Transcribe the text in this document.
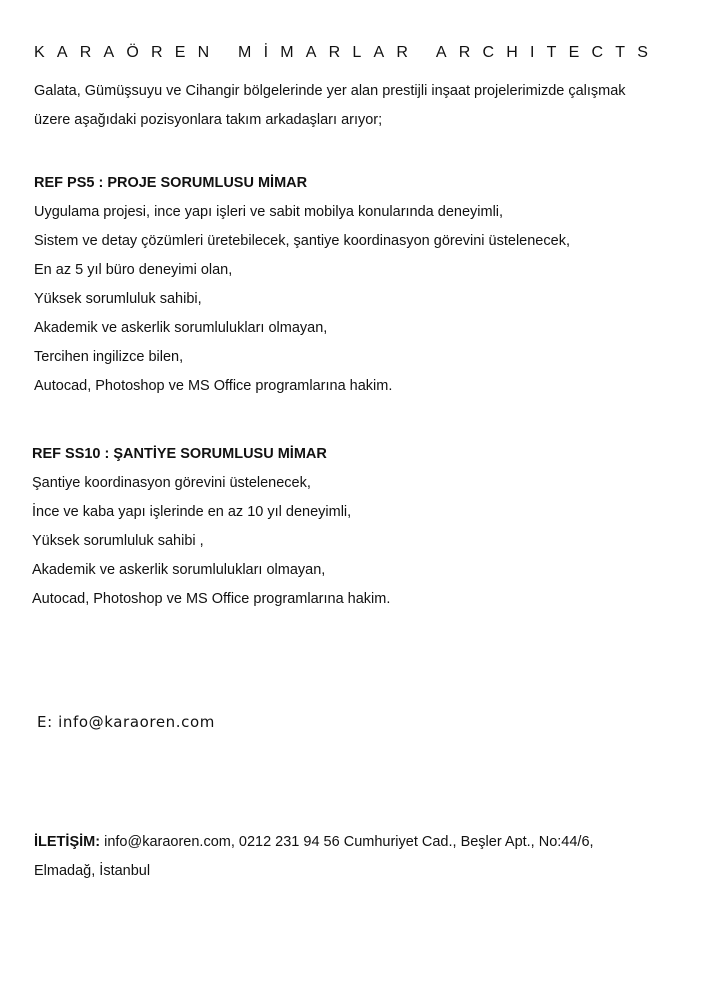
KARAÖREN MİMARLAR ARCHITECTS
Galata, Gümüşsuyu ve Cihangir bölgelerinde yer alan prestijli inşaat projelerimizde çalışmak
üzere aşağıdaki pozisyonlara takım arkadaşları arıyor;
REF PS5 : PROJE SORUMLUSU MİMAR
Uygulama projesi, ince yapı işleri ve sabit mobilya konularında deneyimli,
Sistem ve detay çözümleri üretebilecek, şantiye koordinasyon görevini üstelenecek,
En az 5 yıl büro deneyimi olan,
Yüksek sorumluluk sahibi,
Akademik ve askerlik sorumlulukları olmayan,
Tercihen ingilizce bilen,
Autocad, Photoshop ve MS Office programlarına hakim.
REF SS10 : ŞANTİYE SORUMLUSU MİMAR
Şantiye koordinasyon görevini üstelenecek,
İnce ve kaba yapı işlerinde en az 10 yıl deneyimli,
Yüksek sorumluluk sahibi ,
Akademik ve askerlik sorumlulukları olmayan,
Autocad, Photoshop ve MS Office programlarına hakim.
E: info@karaoren.com
İLETİŞİM: info@karaoren.com, 0212 231 94 56 Cumhuriyet Cad., Beşler Apt., No:44/6,
Elmadağ, İstanbul
